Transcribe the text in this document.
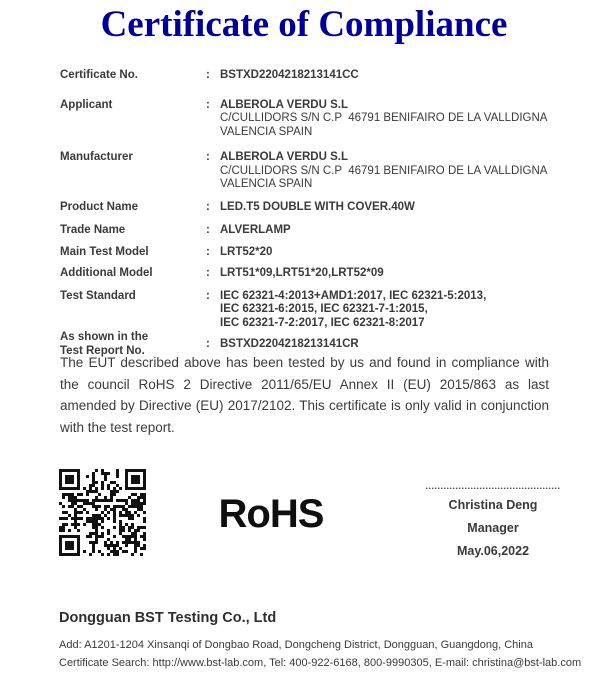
Certificate of Compliance
Certificate No.	: BSTXD2204218213141CC
Applicant	: ALBEROLA VERDU S.L
C/CULLIDORS S/N C.P  46791 BENIFAIRO DE LA VALLDIGNA
VALENCIA SPAIN
Manufacturer	: ALBEROLA VERDU S.L
C/CULLIDORS S/N C.P  46791 BENIFAIRO DE LA VALLDIGNA
VALENCIA SPAIN
Product Name	: LED.T5 DOUBLE WITH COVER.40W
Trade Name	: ALVERLAMP
Main Test Model	: LRT52*20
Additional Model	: LRT51*09,LRT51*20,LRT52*09
Test Standard	: IEC 62321-4:2013+AMD1:2017, IEC 62321-5:2013,
IEC 62321-6:2015, IEC 62321-7-1:2015,
IEC 62321-7-2:2017, IEC 62321-8:2017
As shown in the
Test Report No.
: BSTXD2204218213141CR
The EUT described above has been tested by us and found in compliance with the council RoHS 2 Directive 2011/65/EU Annex II (EU) 2015/863 as last amended by Directive (EU) 2017/2102. This certificate is only valid in conjunction with the test report.
RoHS
.............................................
Christina Deng
Manager
May.06,2022
Dongguan BST Testing Co., Ltd
Add: A1201-1204 Xinsanqi of Dongbao Road, Dongcheng District, Dongguan, Guangdong, China
Certificate Search: http://www.bst-lab.com, Tel: 400-922-6168, 800-9990305, E-mail: christina@bst-lab.com
